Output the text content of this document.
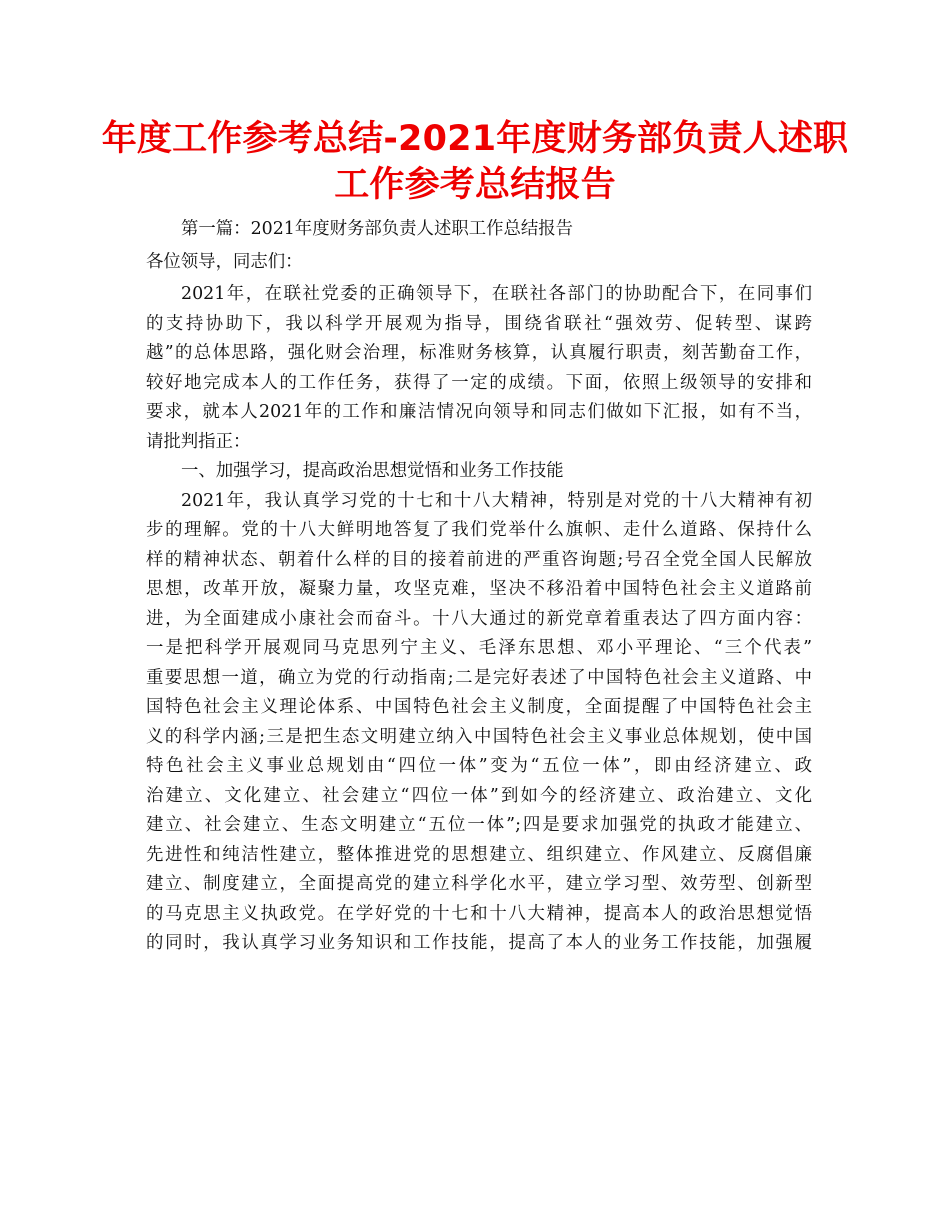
年度工作参考总结-2021年度财务部负责人述职
工作参考总结报告
第一篇：2021年度财务部负责人述职工作总结报告
各位领导，同志们：
2021年，在联社党委的正确领导下，在联社各部门的协助配合下，在同事们
的支持协助下，我以科学开展观为指导，围绕省联社“强效劳、促转型、谋跨
越”的总体思路，强化财会治理，标准财务核算，认真履行职责，刻苦勤奋工作，
较好地完成本人的工作任务，获得了一定的成绩。下面，依照上级领导的安排和
要求，就本人2021年的工作和廉洁情况向领导和同志们做如下汇报，如有不当，
请批判指正：
一、加强学习，提高政治思想觉悟和业务工作技能
2021年，我认真学习党的十七和十八大精神，特别是对党的十八大精神有初
步的理解。党的十八大鲜明地答复了我们党举什么旗帜、走什么道路、保持什么
样的精神状态、朝着什么样的目的接着前进的严重咨询题;号召全党全国人民解放
思想，改革开放，凝聚力量，攻坚克难，坚决不移沿着中国特色社会主义道路前
进，为全面建成小康社会而奋斗。十八大通过的新党章着重表达了四方面内容：
一是把科学开展观同马克思列宁主义、毛泽东思想、邓小平理论、“三个代表”
重要思想一道，确立为党的行动指南;二是完好表述了中国特色社会主义道路、中
国特色社会主义理论体系、中国特色社会主义制度，全面提醒了中国特色社会主
义的科学内涵;三是把生态文明建立纳入中国特色社会主义事业总体规划，使中国
特色社会主义事业总规划由“四位一体”变为“五位一体”，即由经济建立、政
治建立、文化建立、社会建立“四位一体”到如今的经济建立、政治建立、文化
建立、社会建立、生态文明建立“五位一体”;四是要求加强党的执政才能建立、
先进性和纯洁性建立，整体推进党的思想建立、组织建立、作风建立、反腐倡廉
建立、制度建立，全面提高党的建立科学化水平，建立学习型、效劳型、创新型
的马克思主义执政党。在学好党的十七和十八大精神，提高本人的政治思想觉悟
的同时，我认真学习业务知识和工作技能，提高了本人的业务工作技能，加强履
